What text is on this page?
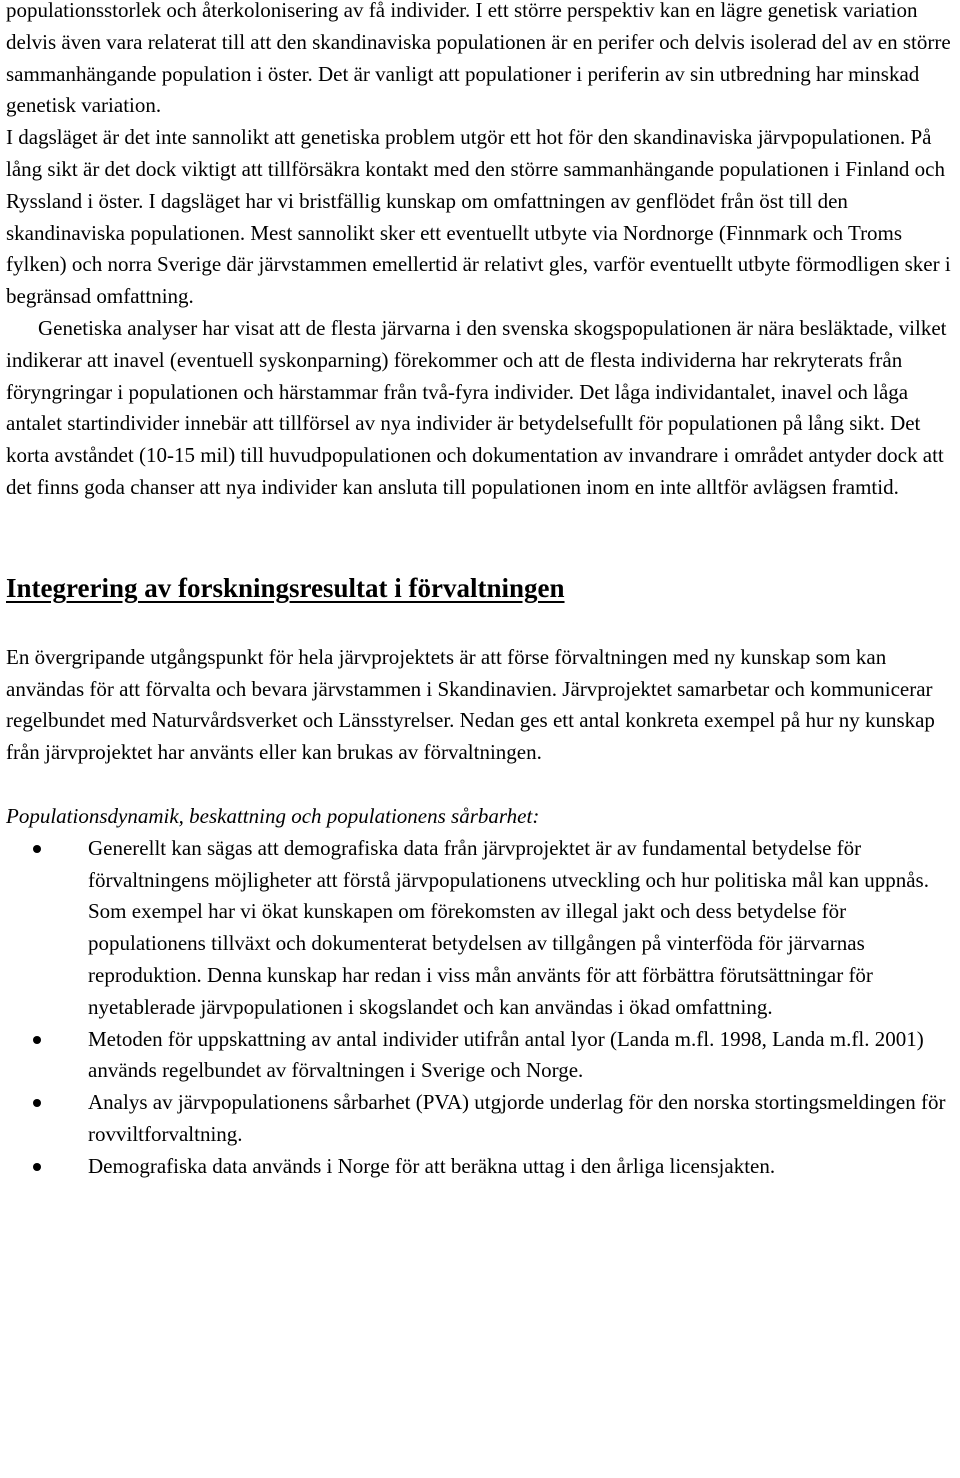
populationsstorlek och återkolonisering av få individer. I ett större perspektiv kan en lägre genetisk variation delvis även vara relaterat till att den skandinaviska populationen är en perifer och delvis isolerad del av en större sammanhängande population i öster. Det är vanligt att populationer i periferin av sin utbredning har minskad genetisk variation.

I dagsläget är det inte sannolikt att genetiska problem utgör ett hot för den skandinaviska järvpopulationen. På lång sikt är det dock viktigt att tillförsäkra kontakt med den större sammanhängande populationen i Finland och Ryssland i öster. I dagsläget har vi bristfällig kunskap om omfattningen av genflödet från öst till den skandinaviska populationen. Mest sannolikt sker ett eventuellt utbyte via Nordnorge (Finnmark och Troms fylken) och norra Sverige där järvstammen emellertid är relativt gles, varför eventuellt utbyte förmodligen sker i begränsad omfattning.

Genetiska analyser har visat att de flesta järvarna i den svenska skogspopulationen är nära besläktade, vilket indikerar att inavel (eventuell syskonparning) förekommer och att de flesta individerna har rekryterats från föryngringar i populationen och härstammar från två-fyra individer. Det låga individantalet, inavel och låga antalet startindivider innebär att tillförsel av nya individer är betydelsefullt för populationen på lång sikt. Det korta avståndet (10-15 mil) till huvudpopulationen och dokumentation av invandrare i området antyder dock att det finns goda chanser att nya individer kan ansluta till populationen inom en inte alltför avlägsen framtid.

Integrering av forskningsresultat i förvaltningen

En övergripande utgångspunkt för hela järvprojektets är att förse förvaltningen med ny kunskap som kan användas för att förvalta och bevara järvstammen i Skandinavien. Järvprojektet samarbetar och kommunicerar regelbundet med Naturvårdsverket och Länsstyrelser. Nedan ges ett antal konkreta exempel på hur ny kunskap från järvprojektet har använts eller kan brukas av förvaltningen.

Populationsdynamik, beskattning och populationens sårbarhet:

Generellt kan sägas att demografiska data från järvprojektet är av fundamental betydelse för förvaltningens möjligheter att förstå järvpopulationens utveckling och hur politiska mål kan uppnås. Som exempel har vi ökat kunskapen om förekomsten av illegal jakt och dess betydelse för populationens tillväxt och dokumenterat betydelsen av tillgången på vinterföda för järvarnas reproduktion. Denna kunskap har redan i viss mån använts för att förbättra förutsättningar för nyetablerade järvpopulationen i skogslandet och kan användas i ökad omfattning.
Metoden för uppskattning av antal individer utifrån antal lyor (Landa m.fl. 1998, Landa m.fl. 2001) används regelbundet av förvaltningen i Sverige och Norge.
Analys av järvpopulationens sårbarhet (PVA) utgjorde underlag för den norska stortingsmeldingen för rovviltforvaltning.
Demografiska data används i Norge för att beräkna uttag i den årliga licensjakten.
